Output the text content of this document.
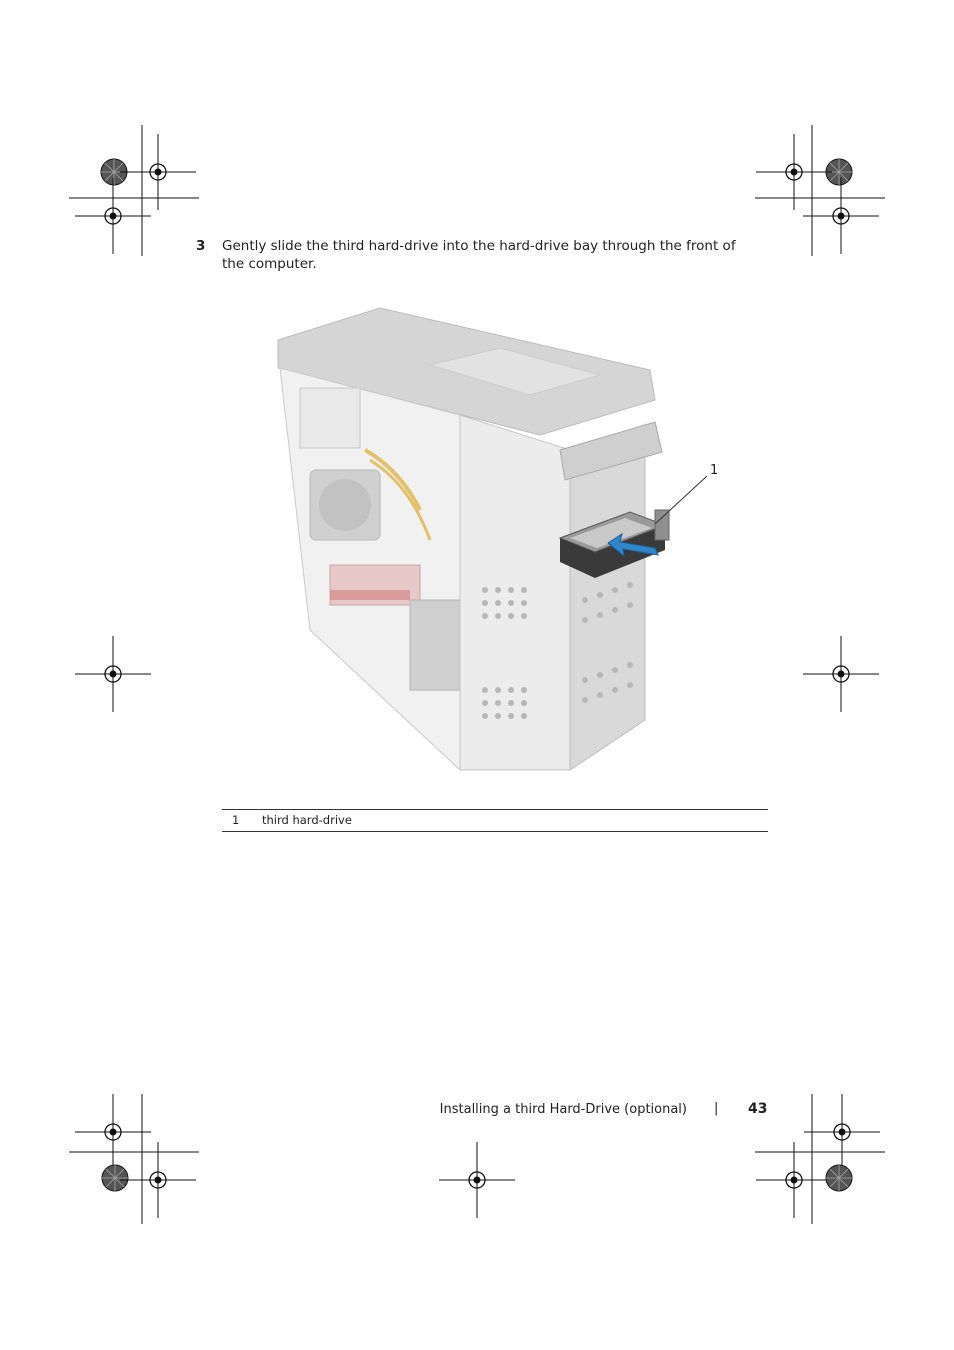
3 Gently slide the third hard-drive into the hard-drive bay through the front of the computer.
1
1 third hard-drive
Installing a third Hard-Drive (optional) | 43
